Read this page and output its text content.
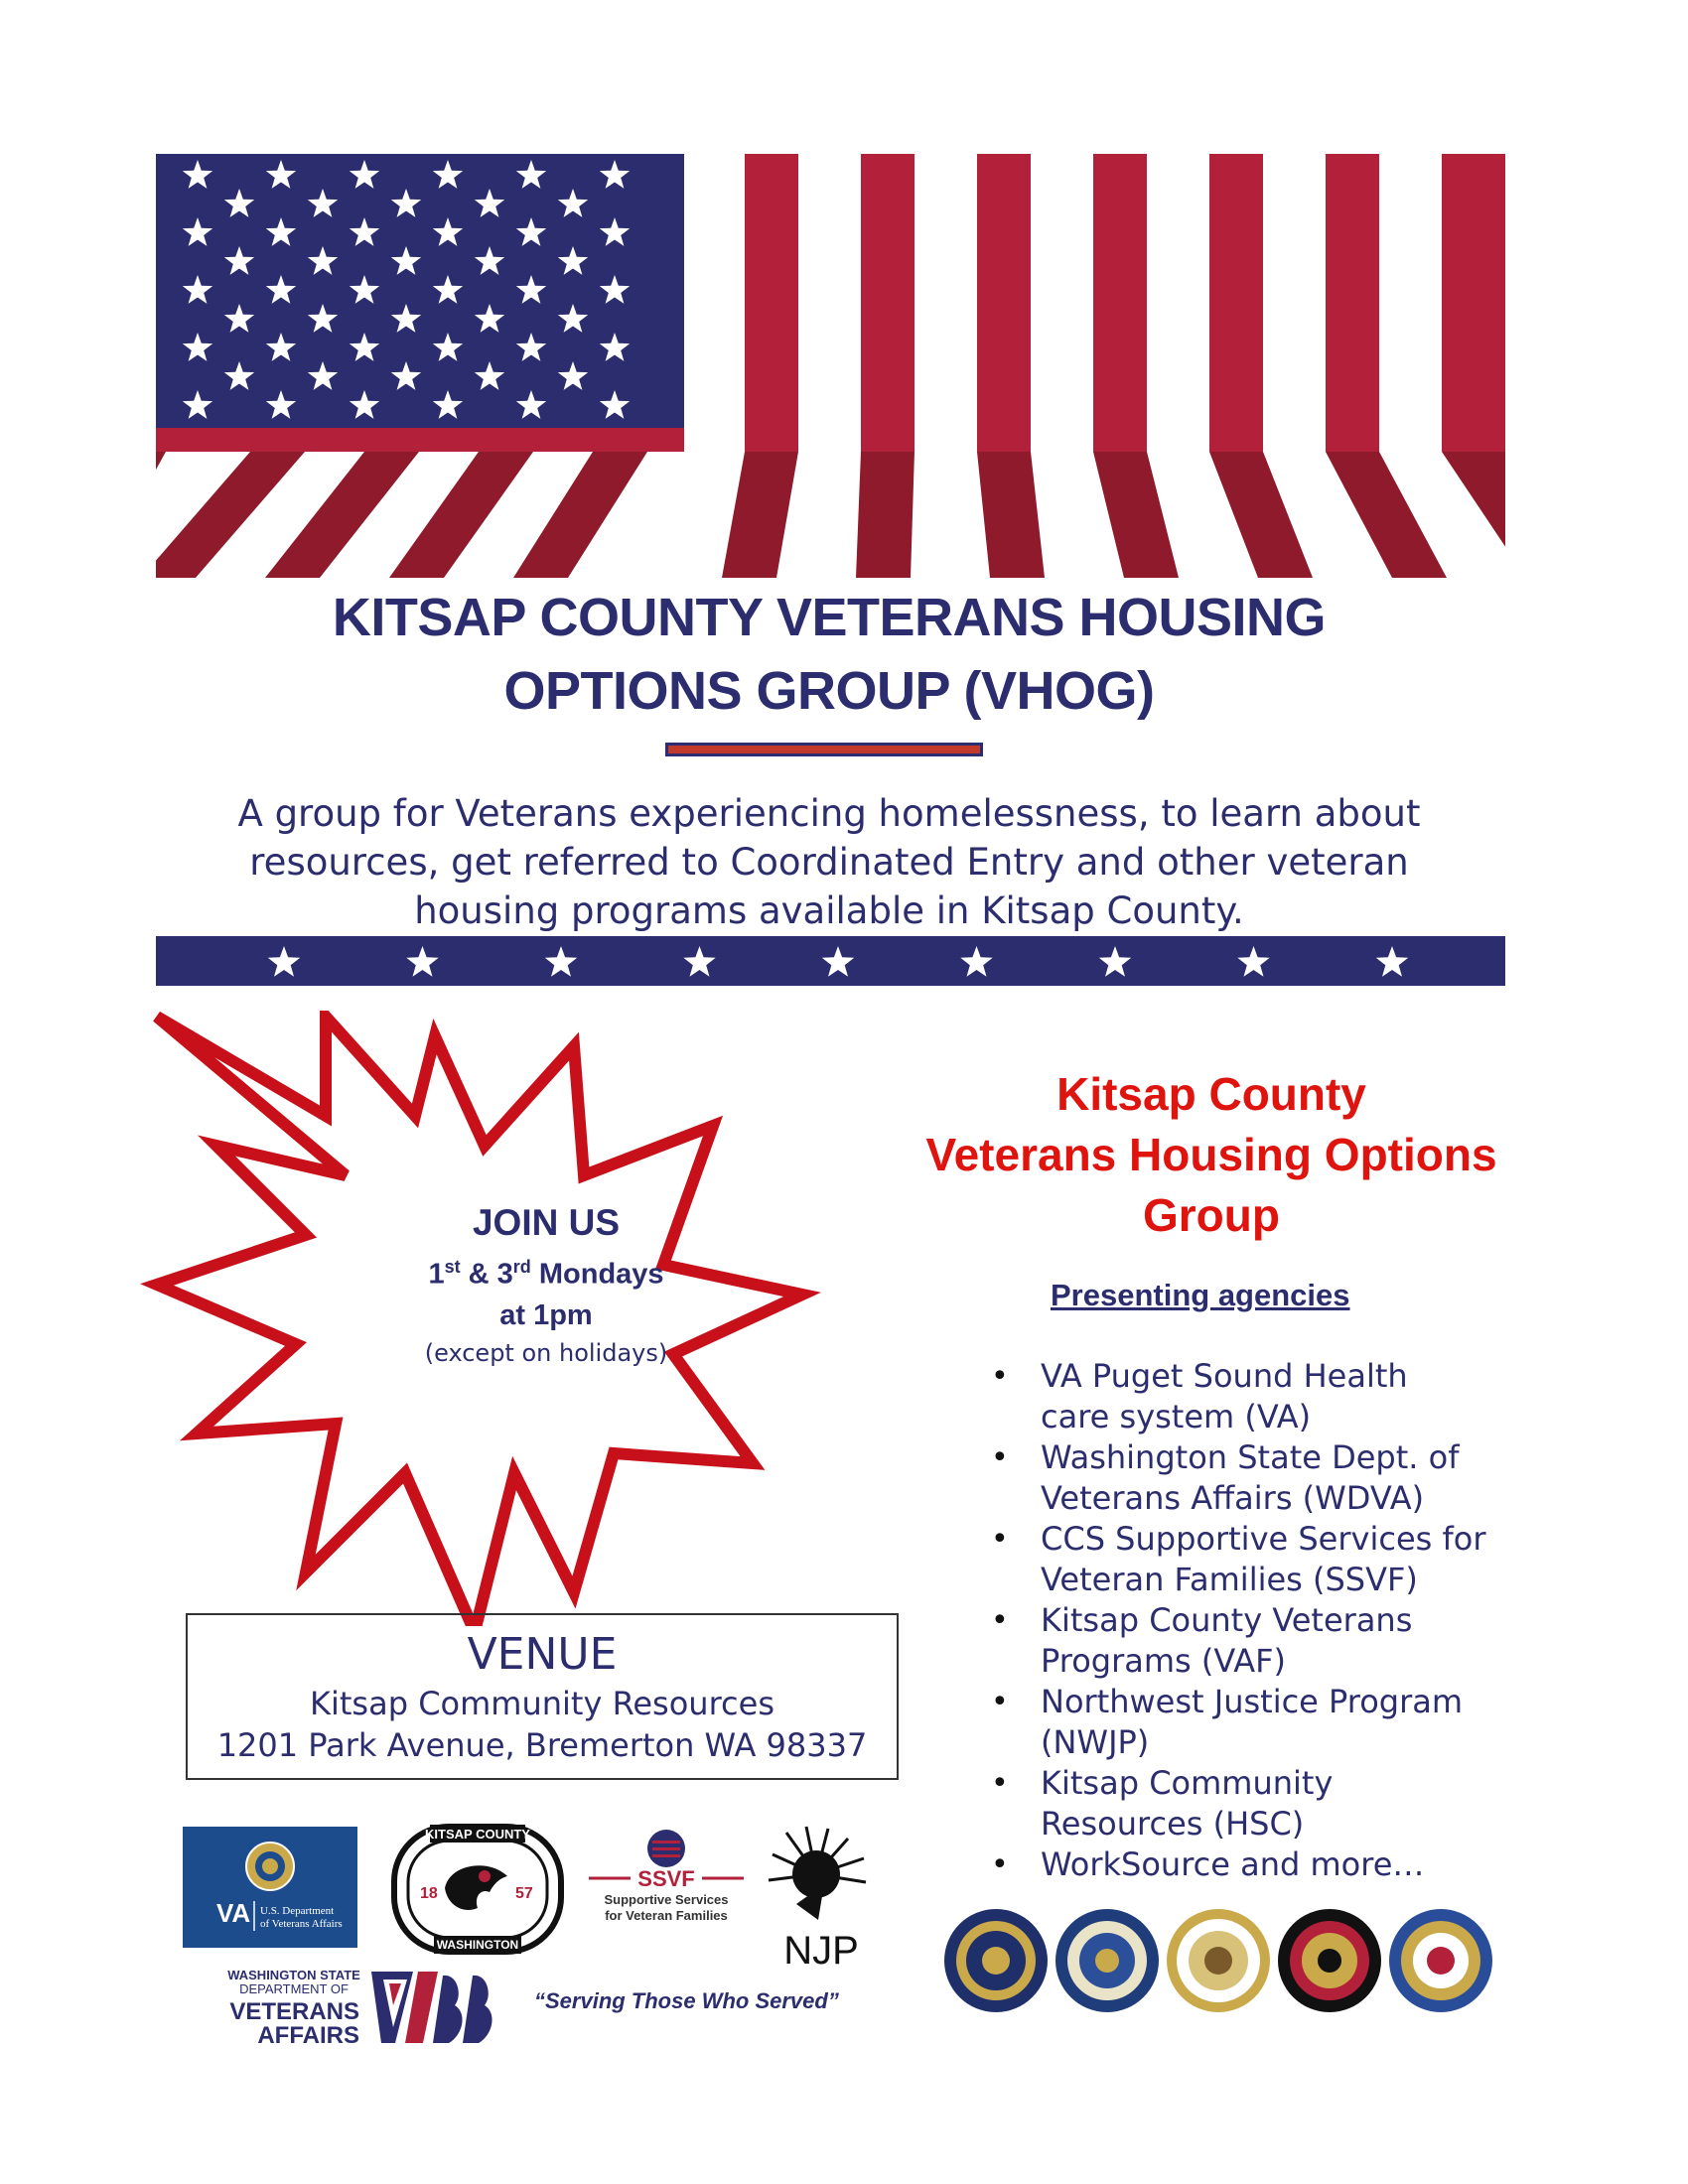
KITSAP COUNTY VETERANS HOUSING
OPTIONS GROUP (VHOG)
A group for Veterans experiencing homelessness, to learn about
resources, get referred to Coordinated Entry and other veteran
housing programs available in Kitsap County.
JOIN US
1st & 3rd Mondays
at 1pm
(except on holidays)
Kitsap County
Veterans Housing Options
Group
Presenting agencies
• VA Puget Sound Health
care system (VA)
• Washington State Dept. of
Veterans Affairs (WDVA)
• CCS Supportive Services for
Veteran Families (SSVF)
• Kitsap County Veterans
Programs (VAF)
• Northwest Justice Program
(NWJP)
• Kitsap Community
Resources (HSC)
• WorkSource and more…
VENUE
Kitsap Community Resources
1201 Park Avenue, Bremerton WA 98337
VA U.S. Department
of Veterans Affairs
KITSAP COUNTY
WASHINGTON
18	57
SSVF
Supportive Services
for Veteran Families
NJP
WASHINGTON STATE
DEPARTMENT OF
VETERANS
AFFAIRS
“Serving Those Who Served”
